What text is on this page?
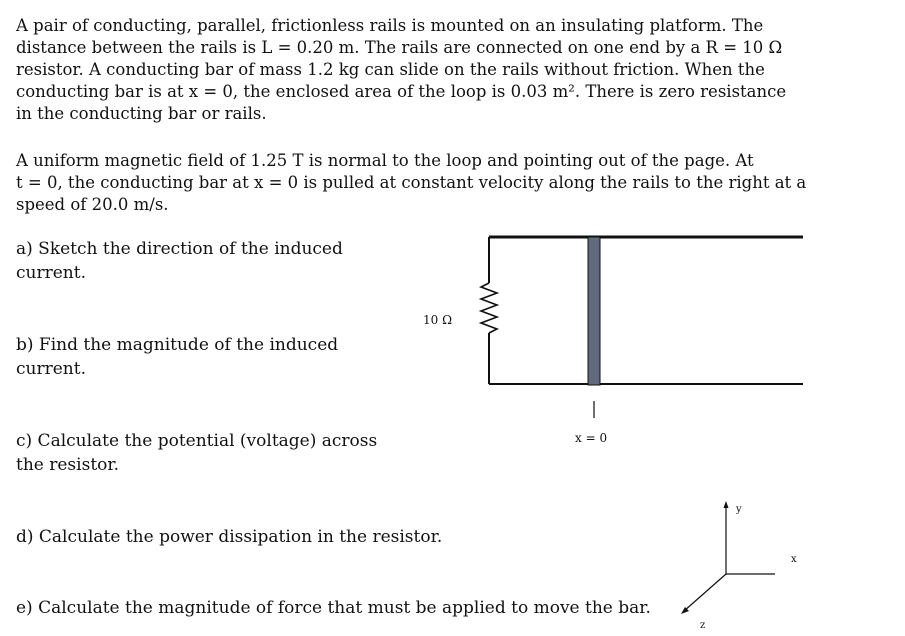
A pair of conducting, parallel, frictionless rails is mounted on an insulating platform. The
distance between the rails is L = 0.20 m. The rails are connected on one end by a R = 10 Ω
resistor. A conducting bar of mass 1.2 kg can slide on the rails without friction. When the
conducting bar is at x = 0, the enclosed area of the loop is 0.03 m². There is zero resistance
in the conducting bar or rails.
A uniform magnetic field of 1.25 T is normal to the loop and pointing out of the page. At
t = 0, the conducting bar at x = 0 is pulled at constant velocity along the rails to the right at a
speed of 20.0 m/s.
a) Sketch the direction of the induced
current.
b) Find the magnitude of the induced
current.
c) Calculate the potential (voltage) across
the resistor.
d) Calculate the power dissipation in the resistor.
e) Calculate the magnitude of force that must be applied to move the bar.
10 Ω
x = 0
y
x
z
